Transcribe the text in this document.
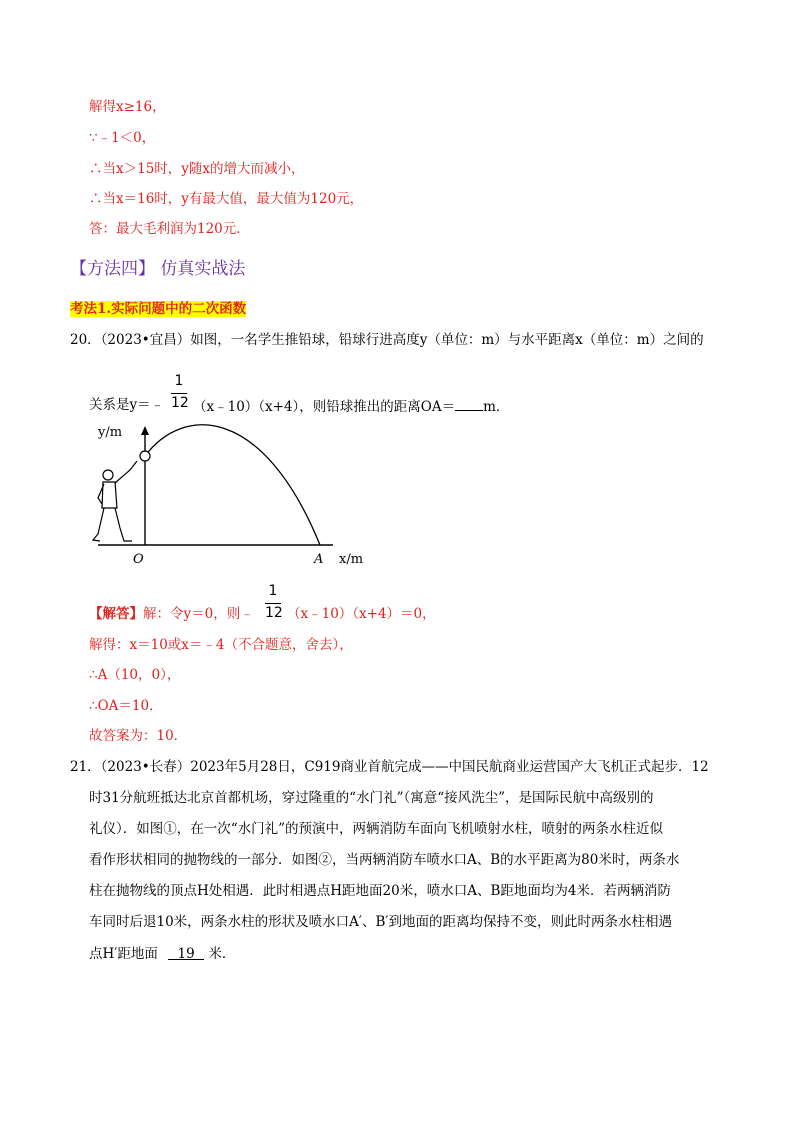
解得x≥16，
∵﹣1＜0，
∴当x＞15时，y随x的增大而减小，
∴当x＝16时，y有最大值，最大值为120元，
答：最大毛利润为120元．
【方法四】 仿真实战法
考法1.实际问题中的二次函数
20．（2023•宜昌）如图，一名学生推铅球，铅球行进高度y（单位：m）与水平距离x（单位：m）之间的
关系是y＝﹣
1
12 （x﹣10）（x+4），则铅球推出的距离OA＝ m．
y/m
O	A x/m
【解答】解：令y＝0，则﹣
1
12 （x﹣10）（x+4）＝0，
解得：x＝10或x＝﹣4（不合题意，舍去），
∴A（10，0），
∴OA＝10．
故答案为：10．
21．（2023•长春）2023年5月28日，C919商业首航完成——中国民航商业运营国产大飞机正式起步．12
时31分航班抵达北京首都机场，穿过隆重的“水门礼”（寓意“接风洗尘”，是国际民航中高级别的
礼仪）．如图①，在一次“水门礼”的预演中，两辆消防车面向飞机喷射水柱，喷射的两条水柱近似
看作形状相同的抛物线的一部分．如图②，当两辆消防车喷水口A、B的水平距离为80米时，两条水
柱在抛物线的顶点H处相遇．此时相遇点H距地面20米，喷水口A、B距地面均为4米．若两辆消防
车同时后退10米，两条水柱的形状及喷水口A′、B′到地面的距离均保持不变，则此时两条水柱相遇
点H′距地面 19 米．
